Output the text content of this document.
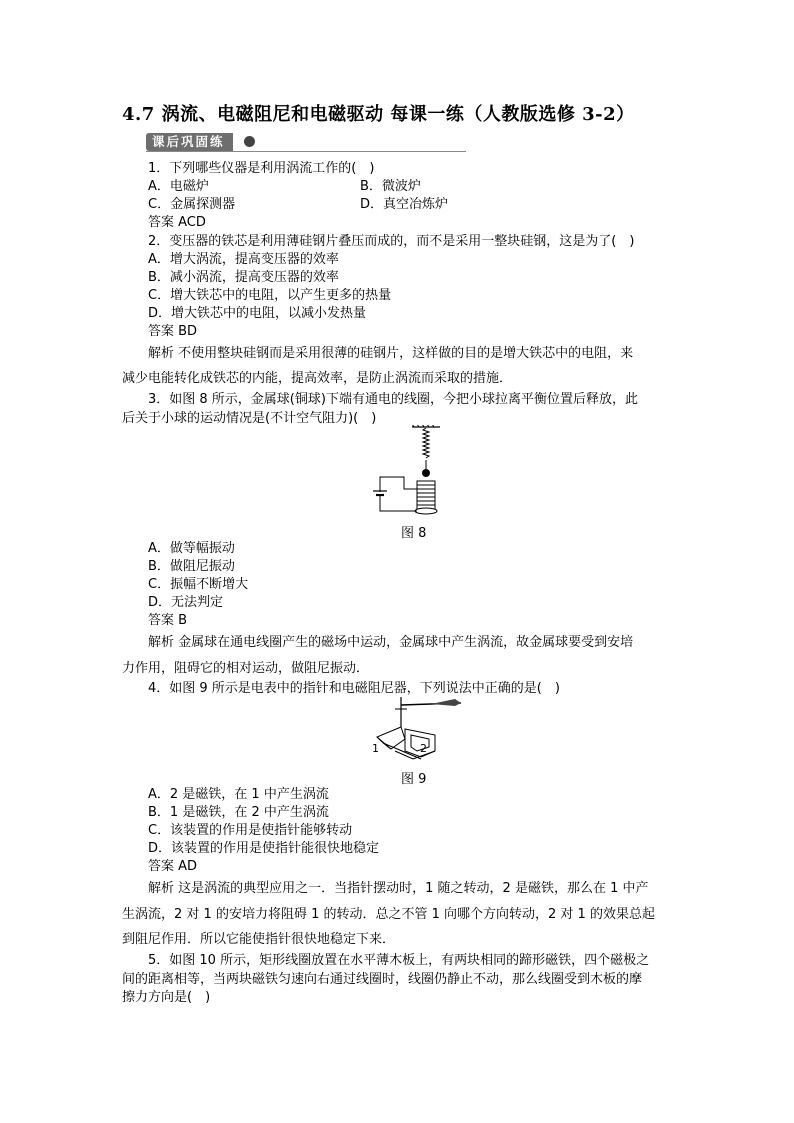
4.7 涡流、电磁阻尼和电磁驱动 每课一练（人教版选修 3-2）
课后巩固练
1．下列哪些仪器是利用涡流工作的(　)
A．电磁炉	B．微波炉
C．金属探测器	D．真空冶炼炉
答案 ACD
2．变压器的铁芯是利用薄硅钢片叠压而成的，而不是采用一整块硅钢，这是为了(　)
A．增大涡流，提高变压器的效率
B．减小涡流，提高变压器的效率
C．增大铁芯中的电阻，以产生更多的热量
D．增大铁芯中的电阻，以减小发热量
答案 BD
解析 不使用整块硅钢而是采用很薄的硅钢片，这样做的目的是增大铁芯中的电阻，来
减少电能转化成铁芯的内能，提高效率，是防止涡流而采取的措施．
3．如图 8 所示，金属球(铜球)下端有通电的线圈，今把小球拉离平衡位置后释放，此
后关于小球的运动情况是(不计空气阻力)(　)
图 8
A．做等幅振动
B．做阻尼振动
C．振幅不断增大
D．无法判定
答案 B
解析 金属球在通电线圈产生的磁场中运动，金属球中产生涡流，故金属球要受到安培
力作用，阻碍它的相对运动，做阻尼振动．
4．如图 9 所示是电表中的指针和电磁阻尼器，下列说法中正确的是(　)
1	2
图 9
A．2 是磁铁，在 1 中产生涡流
B．1 是磁铁，在 2 中产生涡流
C．该装置的作用是使指针能够转动
D．该装置的作用是使指针能很快地稳定
答案 AD
解析 这是涡流的典型应用之一．当指针摆动时，1 随之转动，2 是磁铁，那么在 1 中产
生涡流，2 对 1 的安培力将阻碍 1 的转动．总之不管 1 向哪个方向转动，2 对 1 的效果总起
到阻尼作用．所以它能使指针很快地稳定下来．
5．如图 10 所示，矩形线圈放置在水平薄木板上，有两块相同的蹄形磁铁，四个磁极之
间的距离相等，当两块磁铁匀速向右通过线圈时，线圈仍静止不动，那么线圈受到木板的摩
擦力方向是(　)
